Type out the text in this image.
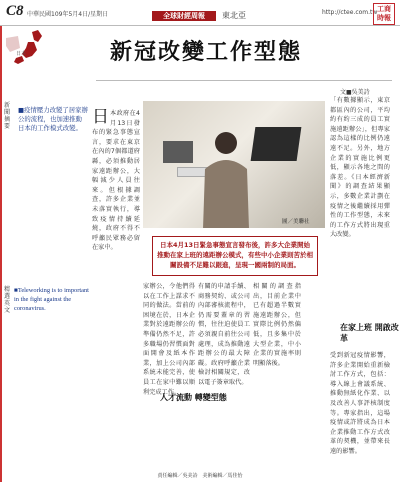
C8 中華民國109年5月4日/星期日	全球財經周報	東北亞	http://ctee.com.tw 工商時報
日本
新聞摘要
■疫情壓力改變了居家辦公的流程，也加速推動日本的工作模式改變。
精選英文
■Teleworking is to important in the fight against the coronavirus.
新冠改變工作型態
文■吳美詩
日 本政府在4月13日發布的緊急事態宣言，要求在東京在內的7個都道府縣，必須推動居家遠距辦公，大幅減少人員往來。但根據調查，許多企業並未落實執行，導致疫情持續延燒，政府不得不呼籲民眾務必留在家中。
圖／美聯社
日本4月13日緊急事態宣言發布後，許多大企業開始推動在家上班的遠距辦公模式，有些中小企業則苦於相關設備不足難以跟進，呈現一國兩制的局面。
家辦公，令他們得以在工作上謀求不同的做法。當前的困境在於，日本企業對於遠距辦公的準備仍然不足，許多職場仍習慣面對面開會及紙本作業，加上公司內部系統未能完善，使員工在家中難以順利完成工作。
有關的申請手續、商務契約、或公司內部審核流程中，仍需要蓋章的習慣，往往迫使員工必須親自前往公司處理，成為推動遠距辦公的最大障礙。政府呼籲企業檢討相關規定，改以電子簽章取代。
相關的調查指出，目前企業中已有超過半數實施遠距辦公，但實際比例仍然偏低，且多集中於大型企業，中小企業的實施率則明顯落後。
「有數據顯示，東京都區內的公司，平均約有約三成的員工實施遠距辦公」，但專家認為這樣的比例仍遠遠不足。另外，地方企業的實施比例更低，顯示各地之間的落差。《日本經濟新聞》的調查結果顯示，多數企業計劃在疫情之後繼續採用彈性的工作型態，未來的工作方式將出現重大改變。
在家上班 開啟改革
受到新冠疫情影響，許多企業開始重新檢討工作方式，包括：導入線上會議系統、推動無紙化作業、以及改善人事評核制度等。專家指出，這場疫情或許將成為日本企業推動工作方式改革的契機，並帶來長遠的影響。
人才流動 轉變型態
責任編輯／吳美詩　美術編輯／馬佳怡
